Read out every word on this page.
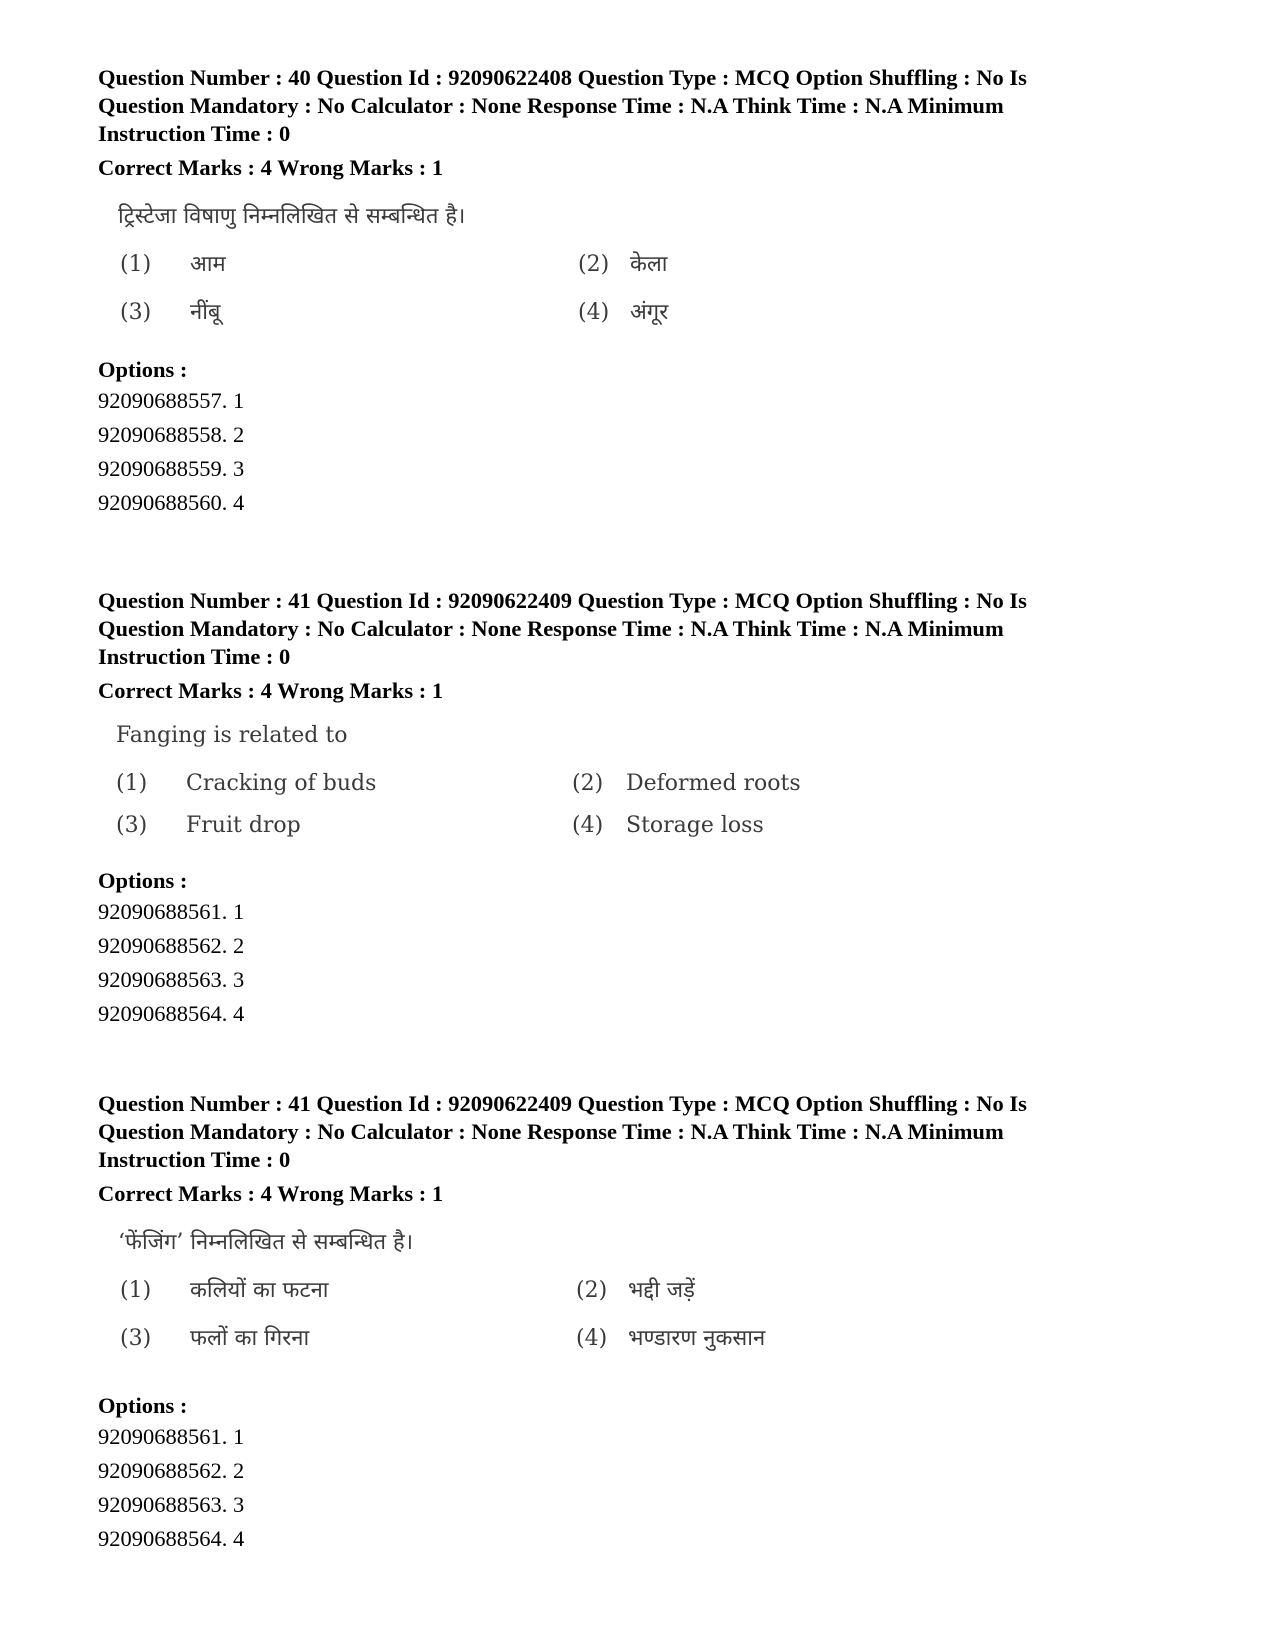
Question Number : 40 Question Id : 92090622408 Question Type : MCQ Option Shuffling : No Is
Question Mandatory : No Calculator : None Response Time : N.A Think Time : N.A Minimum
Instruction Time : 0

Correct Marks : 4 Wrong Marks : 1
ट्रिस्टेजा विषाणु निम्नलिखित से सम्बन्धित है।
(1) आम	(2) केला
(3) नींबू	(4) अंगूर
Options :
92090688557. 1
92090688558. 2
92090688559. 3
92090688560. 4

Question Number : 41 Question Id : 92090622409 Question Type : MCQ Option Shuffling : No Is
Question Mandatory : No Calculator : None Response Time : N.A Think Time : N.A Minimum
Instruction Time : 0

Correct Marks : 4 Wrong Marks : 1
Fanging is related to
(1) Cracking of buds	(2) Deformed roots
(3) Fruit drop	(4) Storage loss
Options :
92090688561. 1
92090688562. 2
92090688563. 3
92090688564. 4

Question Number : 41 Question Id : 92090622409 Question Type : MCQ Option Shuffling : No Is
Question Mandatory : No Calculator : None Response Time : N.A Think Time : N.A Minimum
Instruction Time : 0

Correct Marks : 4 Wrong Marks : 1
‘फेंजिंग’ निम्नलिखित से सम्बन्धित है।
(1) कलियों का फटना	(2) भद्दी जड़ें
(3) फलों का गिरना	(4) भण्डारण नुकसान
Options :
92090688561. 1
92090688562. 2
92090688563. 3
92090688564. 4
